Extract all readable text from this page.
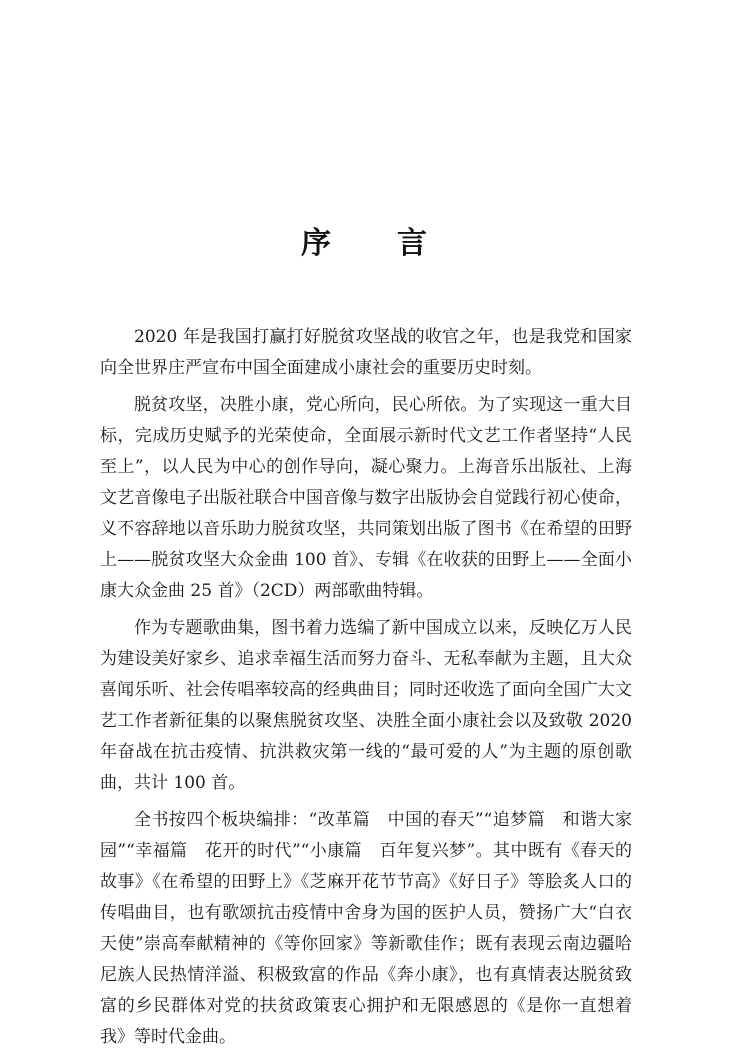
序 言

2020 年是我国打赢打好脱贫攻坚战的收官之年，也是我党和国家向全世界庄严宣布中国全面建成小康社会的重要历史时刻。

脱贫攻坚，决胜小康，党心所向，民心所依。为了实现这一重大目标，完成历史赋予的光荣使命，全面展示新时代文艺工作者坚持“人民至上”，以人民为中心的创作导向，凝心聚力。上海音乐出版社、上海文艺音像电子出版社联合中国音像与数字出版协会自觉践行初心使命，义不容辞地以音乐助力脱贫攻坚，共同策划出版了图书《在希望的田野上——脱贫攻坚大众金曲 100 首》、专辑《在收获的田野上——全面小康大众金曲 25 首》（2CD）两部歌曲特辑。

作为专题歌曲集，图书着力选编了新中国成立以来，反映亿万人民为建设美好家乡、追求幸福生活而努力奋斗、无私奉献为主题，且大众喜闻乐听、社会传唱率较高的经典曲目；同时还收选了面向全国广大文艺工作者新征集的以聚焦脱贫攻坚、决胜全面小康社会以及致敬 2020 年奋战在抗击疫情、抗洪救灾第一线的“最可爱的人”为主题的原创歌曲，共计 100 首。

全书按四个板块编排：“改革篇　中国的春天”“追梦篇　和谐大家园”“幸福篇　花开的时代”“小康篇　百年复兴梦”。其中既有《春天的故事》《在希望的田野上》《芝麻开花节节高》《好日子》等脍炙人口的传唱曲目，也有歌颂抗击疫情中舍身为国的医护人员，赞扬广大“白衣天使”崇高奉献精神的《等你回家》等新歌佳作；既有表现云南边疆哈尼族人民热情洋溢、积极致富的作品《奔小康》，也有真情表达脱贫致富的乡民群体对党的扶贫政策衷心拥护和无限感恩的《是你一直想着我》等时代金曲。
